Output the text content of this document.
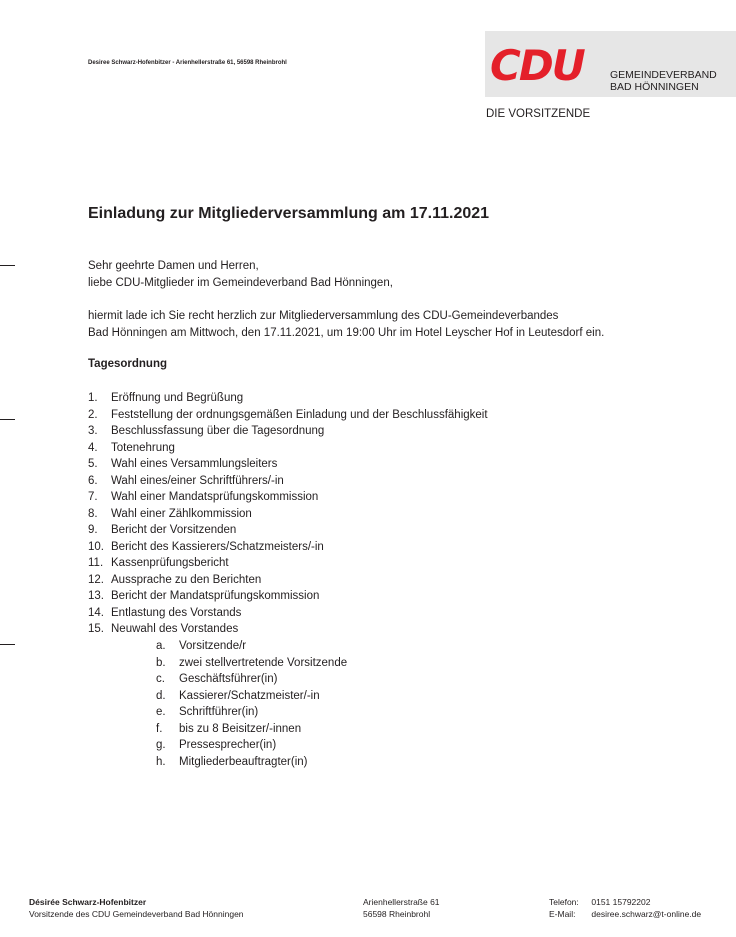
Desiree Schwarz-Hofenbitzer - Arienhellerstraße 61, 56598 Rheinbrohl	CDU GEMEINDEVERBAND
BAD HÖNNINGEN
DIE VORSITZENDE
Einladung zur Mitgliederversammlung am 17.11.2021
Sehr geehrte Damen und Herren,
liebe CDU-Mitglieder im Gemeindeverband Bad Hönningen,
hiermit lade ich Sie recht herzlich zur Mitgliederversammlung des CDU-Gemeindeverbandes
Bad Hönningen am Mittwoch, den 17.11.2021, um 19:00 Uhr im Hotel Leyscher Hof in Leutesdorf ein.
Tagesordnung
1. Eröffnung und Begrüßung
2. Feststellung der ordnungsgemäßen Einladung und der Beschlussfähigkeit
3. Beschlussfassung über die Tagesordnung
4. Totenehrung
5. Wahl eines Versammlungsleiters
6. Wahl eines/einer Schriftführers/-in
7. Wahl einer Mandatsprüfungskommission
8. Wahl einer Zählkommission
9. Bericht der Vorsitzenden
10. Bericht des Kassierers/Schatzmeisters/-in
11. Kassenprüfungsbericht
12. Aussprache zu den Berichten
13. Bericht der Mandatsprüfungskommission
14. Entlastung des Vorstands
15. Neuwahl des Vorstandes
a. Vorsitzende/r
b. zwei stellvertretende Vorsitzende
c. Geschäftsführer(in)
d. Kassierer/Schatzmeister/-in
e. Schriftführer(in)
f. bis zu 8 Beisitzer/-innen
g. Pressesprecher(in)
h. Mitgliederbeauftragter(in)
Désirée Schwarz-Hofenbitzer
Vorsitzende des CDU Gemeindeverband Bad Hönningen
Arienhellerstraße 61
56598 Rheinbrohl
Telefon: 0151 15792202
E-Mail: desiree.schwarz@t-online.de
